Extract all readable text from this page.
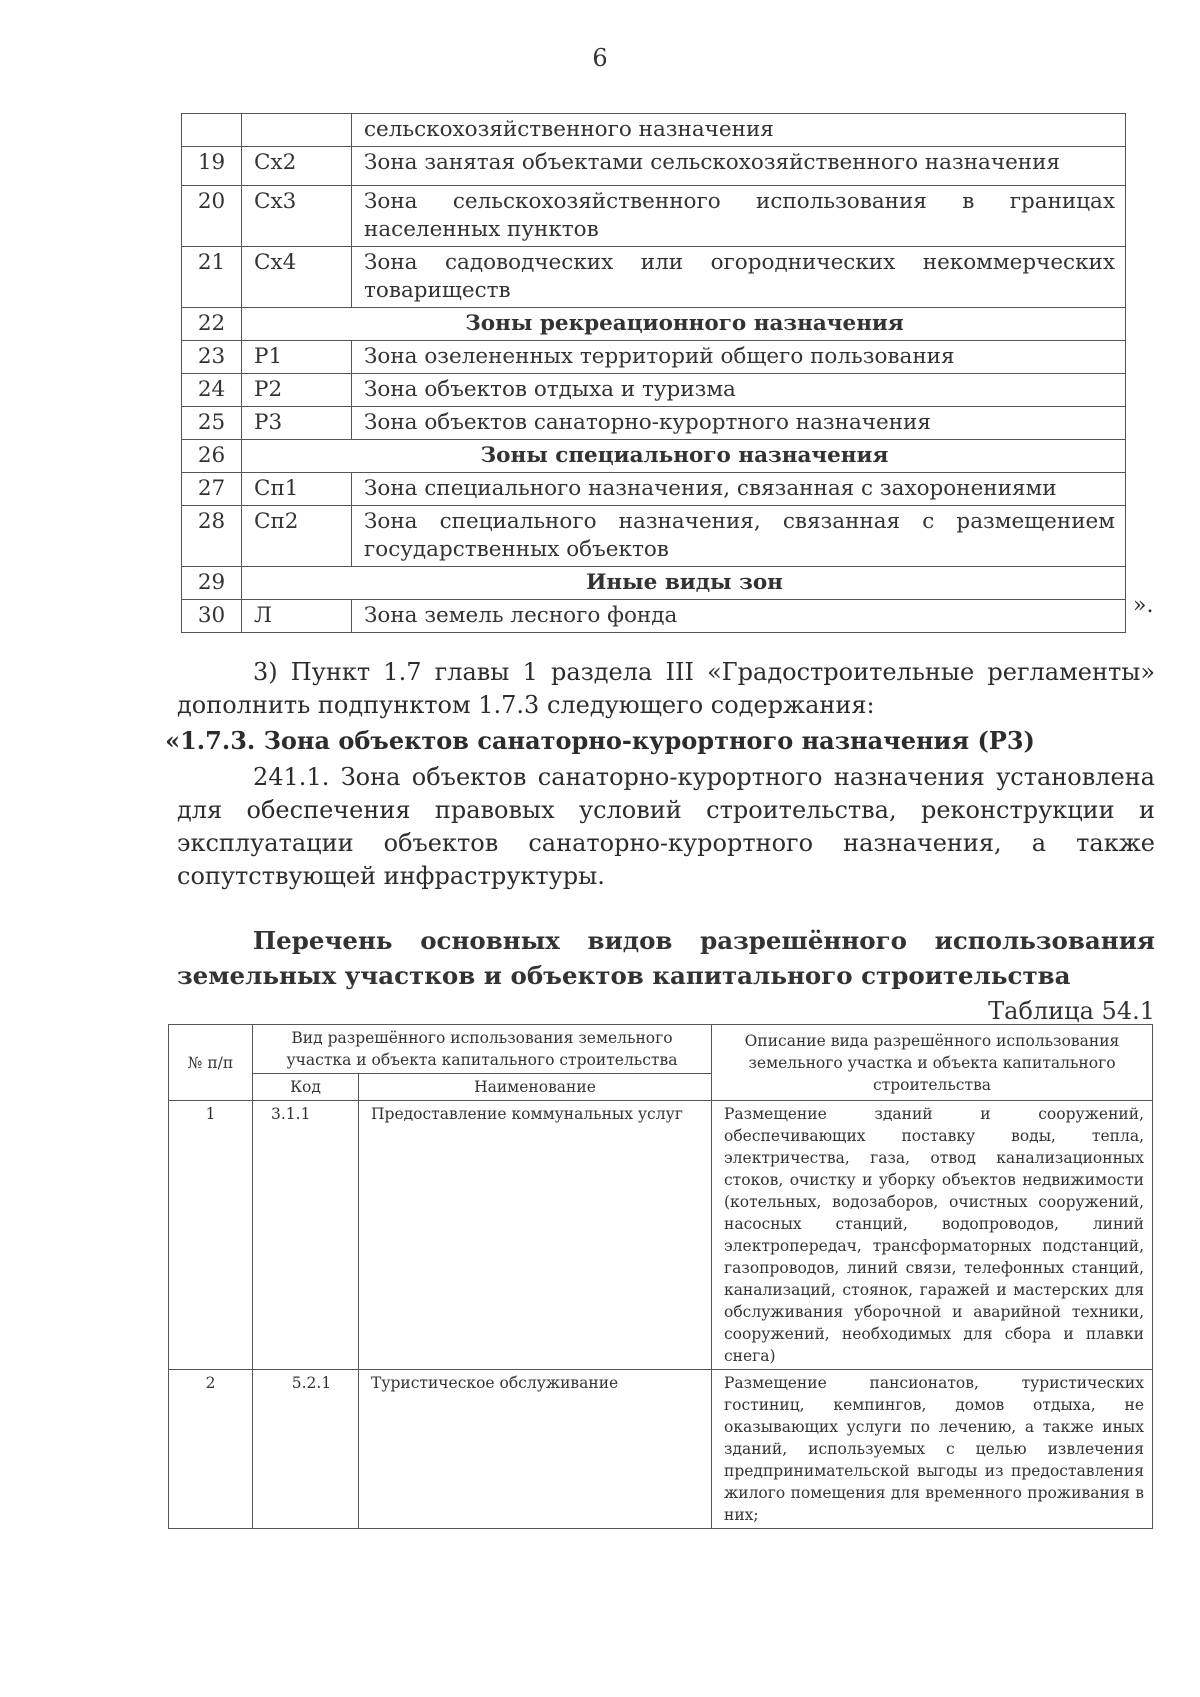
6
		сельскохозяйственного назначения
19	Сх2	Зона занятая объектами сельскохозяйственного назначения
20	Сх3	Зона сельскохозяйственного использования в границах населенных пунктов
21	Сх4	Зона садоводческих или огороднических некоммерческих товариществ
22	Зоны рекреационного назначения	
23	Р1	Зона озелененных территорий общего пользования
24	Р2	Зона объектов отдыха и туризма
25	Р3	Зона объектов санаторно-курортного назначения
26	Зоны специального назначения	
27	Сп1	Зона специального назначения, связанная с захоронениями
28	Сп2	Зона специального назначения, связанная с размещением государственных объектов
29	Иные виды зон	
30	Л	Зона земель лесного фонда	».
3) Пункт 1.7 главы 1 раздела III «Градостроительные регламенты» дополнить подпунктом 1.7.3 следующего содержания:
«1.7.3. Зона объектов санаторно-курортного назначения (Р3)
241.1. Зона объектов санаторно-курортного назначения установлена для обеспечения правовых условий строительства, реконструкции и эксплуатации объектов санаторно-курортного назначения, а также сопутствующей инфраструктуры.
Перечень основных видов разрешённого использования земельных участков и объектов капитального строительства
Таблица 54.1
№ п/п	Вид разрешённого использования земельного участка и объекта капитального строительства		Описание вида разрешённого использования земельного участка и объекта капитального строительства
	Код	Наименование	
1	3.1.1	Предоставление коммунальных услуг	Размещение зданий и сооружений, обеспечивающих поставку воды, тепла, электричества, газа, отвод канализационных стоков, очистку и уборку объектов недвижимости (котельных, водозаборов, очистных сооружений, насосных станций, водопроводов, линий электропередач, трансформаторных подстанций, газопроводов, линий связи, телефонных станций, канализаций, стоянок, гаражей и мастерских для обслуживания уборочной и аварийной техники, сооружений, необходимых для сбора и плавки снега)
2	5.2.1	Туристическое обслуживание	Размещение пансионатов, туристических гостиниц, кемпингов, домов отдыха, не оказывающих услуги по лечению, а также иных зданий, используемых с целью извлечения предпринимательской выгоды из предоставления жилого помещения для временного проживания в них;
